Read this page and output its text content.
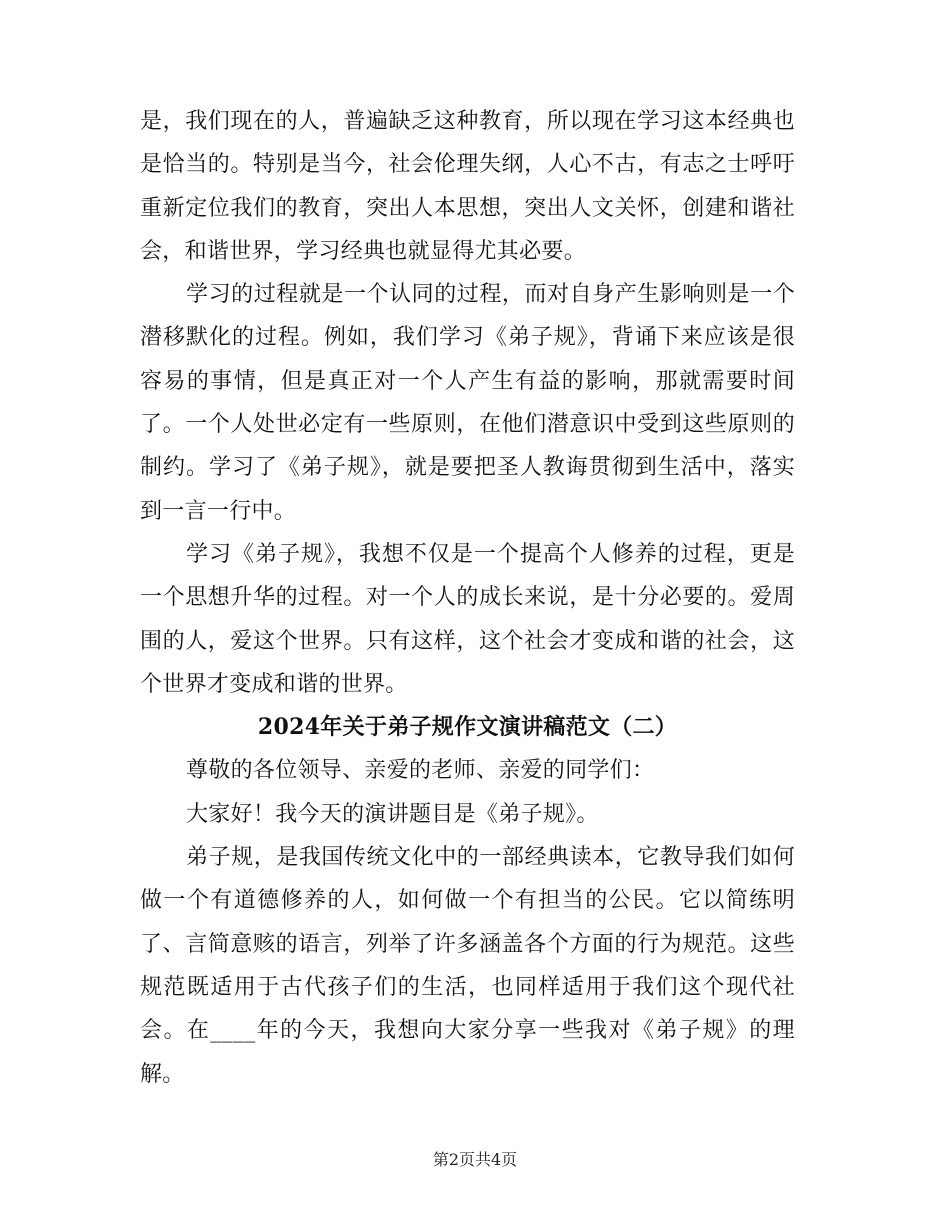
是，我们现在的人，普遍缺乏这种教育，所以现在学习这本经典也是恰当的。特别是当今，社会伦理失纲，人心不古，有志之士呼吁重新定位我们的教育，突出人本思想，突出人文关怀，创建和谐社会，和谐世界，学习经典也就显得尤其必要。

学习的过程就是一个认同的过程，而对自身产生影响则是一个潜移默化的过程。例如，我们学习《弟子规》，背诵下来应该是很容易的事情，但是真正对一个人产生有益的影响，那就需要时间了。一个人处世必定有一些原则，在他们潜意识中受到这些原则的制约。学习了《弟子规》，就是要把圣人教诲贯彻到生活中，落实到一言一行中。

学习《弟子规》，我想不仅是一个提高个人修养的过程，更是一个思想升华的过程。对一个人的成长来说，是十分必要的。爱周围的人，爱这个世界。只有这样，这个社会才变成和谐的社会，这个世界才变成和谐的世界。

2024年关于弟子规作文演讲稿范文（二）

尊敬的各位领导、亲爱的老师、亲爱的同学们：

大家好！我今天的演讲题目是《弟子规》。

弟子规，是我国传统文化中的一部经典读本，它教导我们如何做一个有道德修养的人，如何做一个有担当的公民。它以简练明了、言简意赅的语言，列举了许多涵盖各个方面的行为规范。这些规范既适用于古代孩子们的生活，也同样适用于我们这个现代社会。在____年的今天，我想向大家分享一些我对《弟子规》的理解。

第2页共4页
